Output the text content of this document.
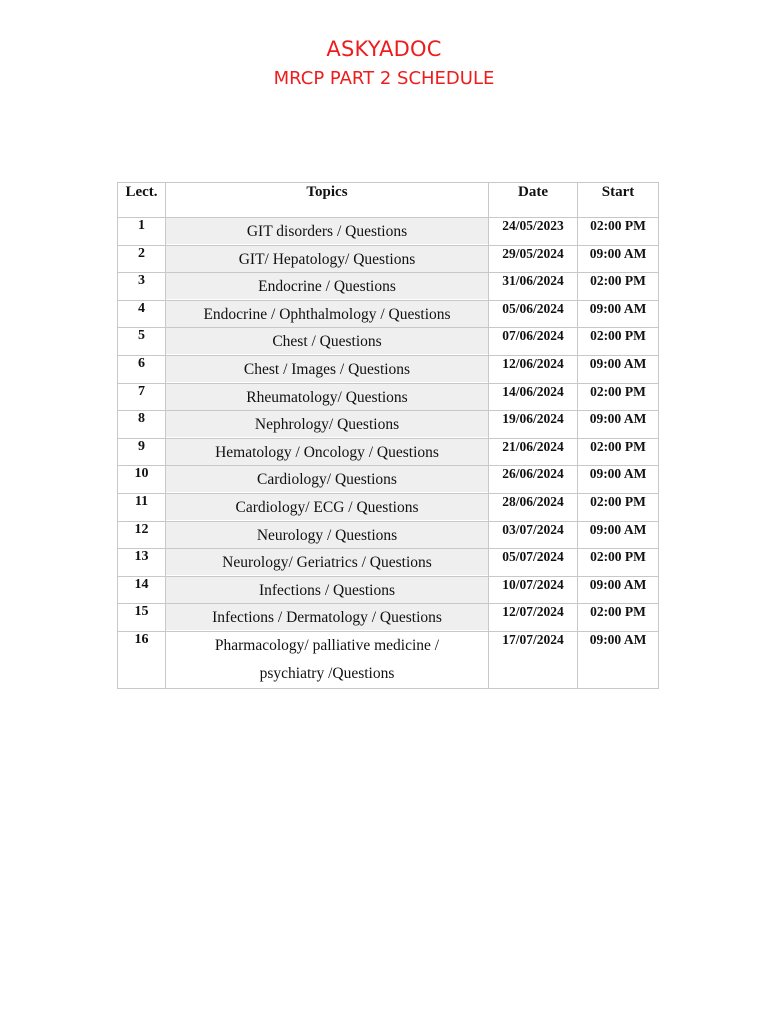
ASKYADOC
MRCP PART 2 SCHEDULE
Lect.	Topics	Date	Start
1	GIT disorders / Questions	24/05/2023	02:00 PM
2	GIT/ Hepatology/ Questions	29/05/2024	09:00 AM
3	Endocrine / Questions	31/06/2024	02:00 PM
4	Endocrine / Ophthalmology / Questions	05/06/2024	09:00 AM
5	Chest / Questions	07/06/2024	02:00 PM
6	Chest / Images / Questions	12/06/2024	09:00 AM
7	Rheumatology/ Questions	14/06/2024	02:00 PM
8	Nephrology/ Questions	19/06/2024	09:00 AM
9	Hematology / Oncology / Questions	21/06/2024	02:00 PM
10	Cardiology/ Questions	26/06/2024	09:00 AM
11	Cardiology/ ECG / Questions	28/06/2024	02:00 PM
12	Neurology / Questions	03/07/2024	09:00 AM
13	Neurology/ Geriatrics / Questions	05/07/2024	02:00 PM
14	Infections / Questions	10/07/2024	09:00 AM
15	Infections / Dermatology / Questions	12/07/2024	02:00 PM
16	Pharmacology/ palliative medicine /
psychiatry /Questions	17/07/2024	09:00 AM
